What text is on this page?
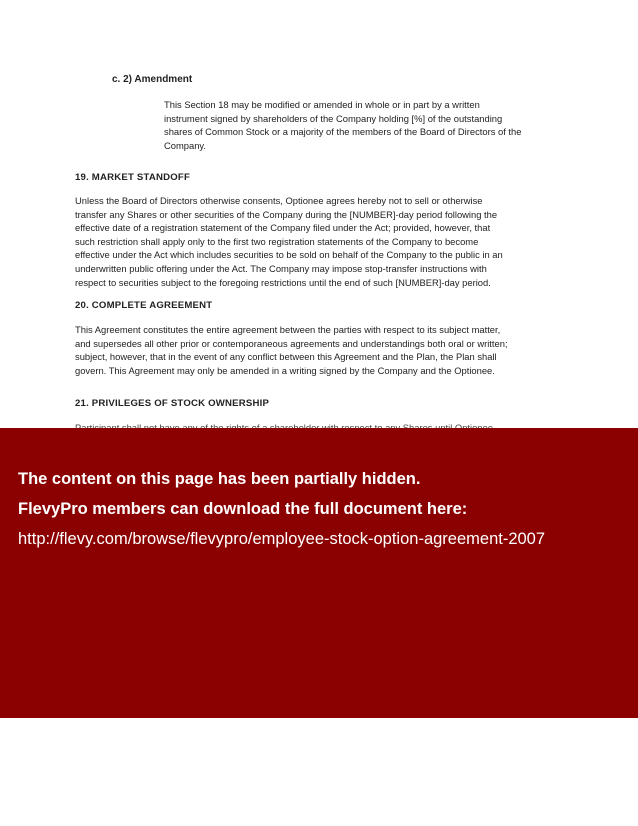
c. 2) Amendment
This Section 18 may be modified or amended in whole or in part by a written
instrument signed by shareholders of the Company holding [%] of the outstanding
shares of Common Stock or a majority of the members of the Board of Directors of the
Company.
19. MARKET STANDOFF
Unless the Board of Directors otherwise consents, Optionee agrees hereby not to sell or otherwise
transfer any Shares or other securities of the Company during the [NUMBER]-day period following the
effective date of a registration statement of the Company filed under the Act; provided, however, that
such restriction shall apply only to the first two registration statements of the Company to become
effective under the Act which includes securities to be sold on behalf of the Company to the public in an
underwritten public offering under the Act. The Company may impose stop-transfer instructions with
respect to securities subject to the foregoing restrictions until the end of such [NUMBER]-day period.
20. COMPLETE AGREEMENT
This Agreement constitutes the entire agreement between the parties with respect to its subject matter,
and supersedes all other prior or contemporaneous agreements and understandings both oral or written;
subject, however, that in the event of any conflict between this Agreement and the Plan, the Plan shall
govern. This Agreement may only be amended in a writing signed by the Company and the Optionee.
21. PRIVILEGES OF STOCK OWNERSHIP
The content on this page has been partially hidden.
FlevyPro members can download the full document here:
http://flevy.com/browse/flevypro/employee-stock-option-agreement-2007
